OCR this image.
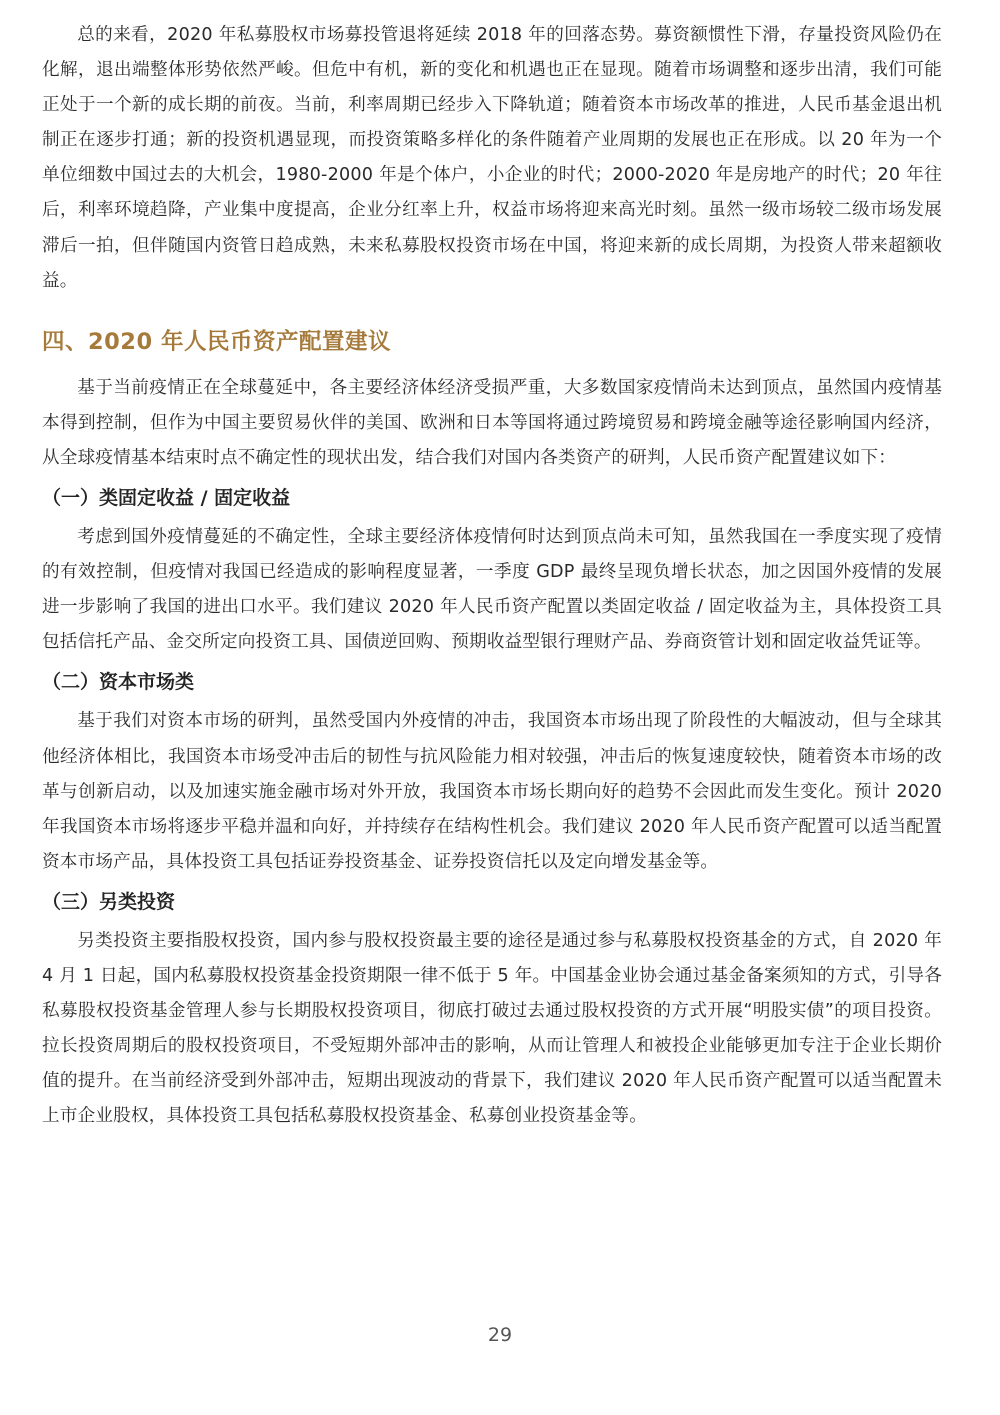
总的来看，2020 年私募股权市场募投管退将延续 2018 年的回落态势。募资额惯性下滑，存量投资风险仍在化解，退出端整体形势依然严峻。但危中有机，新的变化和机遇也正在显现。随着市场调整和逐步出清，我们可能正处于一个新的成长期的前夜。当前，利率周期已经步入下降轨道；随着资本市场改革的推进，人民币基金退出机制正在逐步打通；新的投资机遇显现，而投资策略多样化的条件随着产业周期的发展也正在形成。以 20 年为一个单位细数中国过去的大机会，1980-2000 年是个体户，小企业的时代；2000-2020 年是房地产的时代；20 年往后，利率环境趋降，产业集中度提高，企业分红率上升，权益市场将迎来高光时刻。虽然一级市场较二级市场发展滞后一拍，但伴随国内资管日趋成熟，未来私募股权投资市场在中国，将迎来新的成长周期，为投资人带来超额收益。

四、2020 年人民币资产配置建议

基于当前疫情正在全球蔓延中，各主要经济体经济受损严重，大多数国家疫情尚未达到顶点，虽然国内疫情基本得到控制，但作为中国主要贸易伙伴的美国、欧洲和日本等国将通过跨境贸易和跨境金融等途径影响国内经济，从全球疫情基本结束时点不确定性的现状出发，结合我们对国内各类资产的研判，人民币资产配置建议如下：

（一）类固定收益 / 固定收益

考虑到国外疫情蔓延的不确定性，全球主要经济体疫情何时达到顶点尚未可知，虽然我国在一季度实现了疫情的有效控制，但疫情对我国已经造成的影响程度显著，一季度 GDP 最终呈现负增长状态，加之因国外疫情的发展进一步影响了我国的进出口水平。我们建议 2020 年人民币资产配置以类固定收益 / 固定收益为主，具体投资工具包括信托产品、金交所定向投资工具、国债逆回购、预期收益型银行理财产品、券商资管计划和固定收益凭证等。

（二）资本市场类

基于我们对资本市场的研判，虽然受国内外疫情的冲击，我国资本市场出现了阶段性的大幅波动，但与全球其他经济体相比，我国资本市场受冲击后的韧性与抗风险能力相对较强，冲击后的恢复速度较快，随着资本市场的改革与创新启动，以及加速实施金融市场对外开放，我国资本市场长期向好的趋势不会因此而发生变化。预计 2020 年我国资本市场将逐步平稳并温和向好，并持续存在结构性机会。我们建议 2020 年人民币资产配置可以适当配置资本市场产品，具体投资工具包括证券投资基金、证券投资信托以及定向增发基金等。

（三）另类投资

另类投资主要指股权投资，国内参与股权投资最主要的途径是通过参与私募股权投资基金的方式，自 2020 年 4 月 1 日起，国内私募股权投资基金投资期限一律不低于 5 年。中国基金业协会通过基金备案须知的方式，引导各私募股权投资基金管理人参与长期股权投资项目，彻底打破过去通过股权投资的方式开展“明股实债”的项目投资。拉长投资周期后的股权投资项目，不受短期外部冲击的影响，从而让管理人和被投企业能够更加专注于企业长期价值的提升。在当前经济受到外部冲击，短期出现波动的背景下，我们建议 2020 年人民币资产配置可以适当配置未上市企业股权，具体投资工具包括私募股权投资基金、私募创业投资基金等。

29
